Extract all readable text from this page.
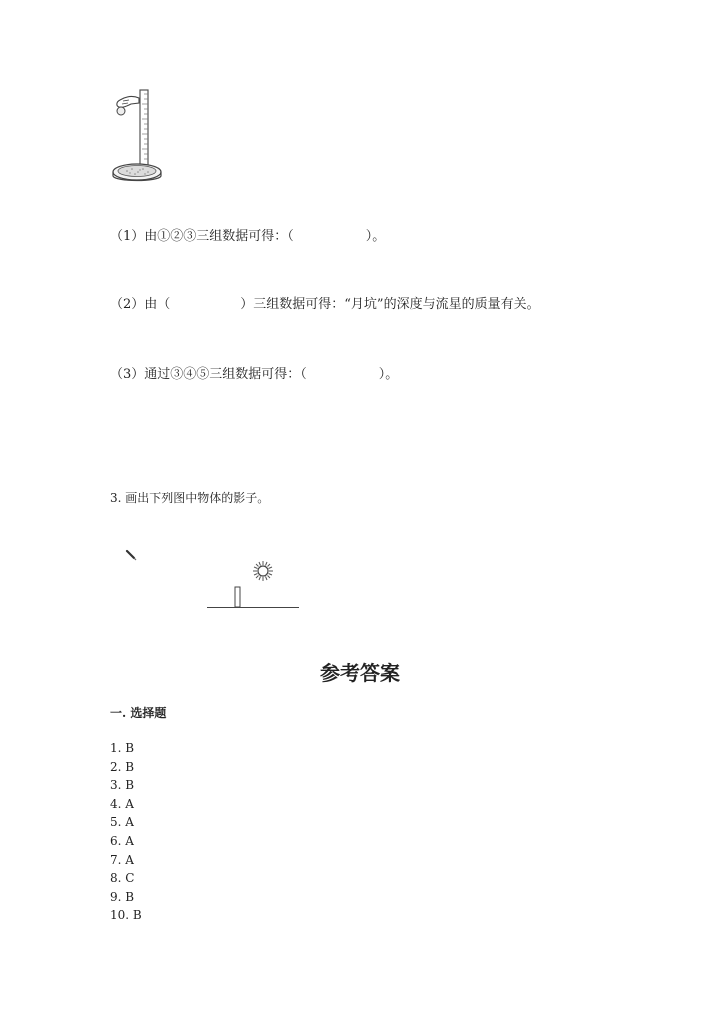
（1）由①②③三组数据可得：（	）。
（2）由（	）三组数据可得：“月坑”的深度与流星的质量有关。
（3）通过③④⑤三组数据可得：（	）。
3. 画出下列图中物体的影子。
参考答案
一. 选择题
1. B
2. B
3. B
4. A
5. A
6. A
7. A
8. C
9. B
10. B
